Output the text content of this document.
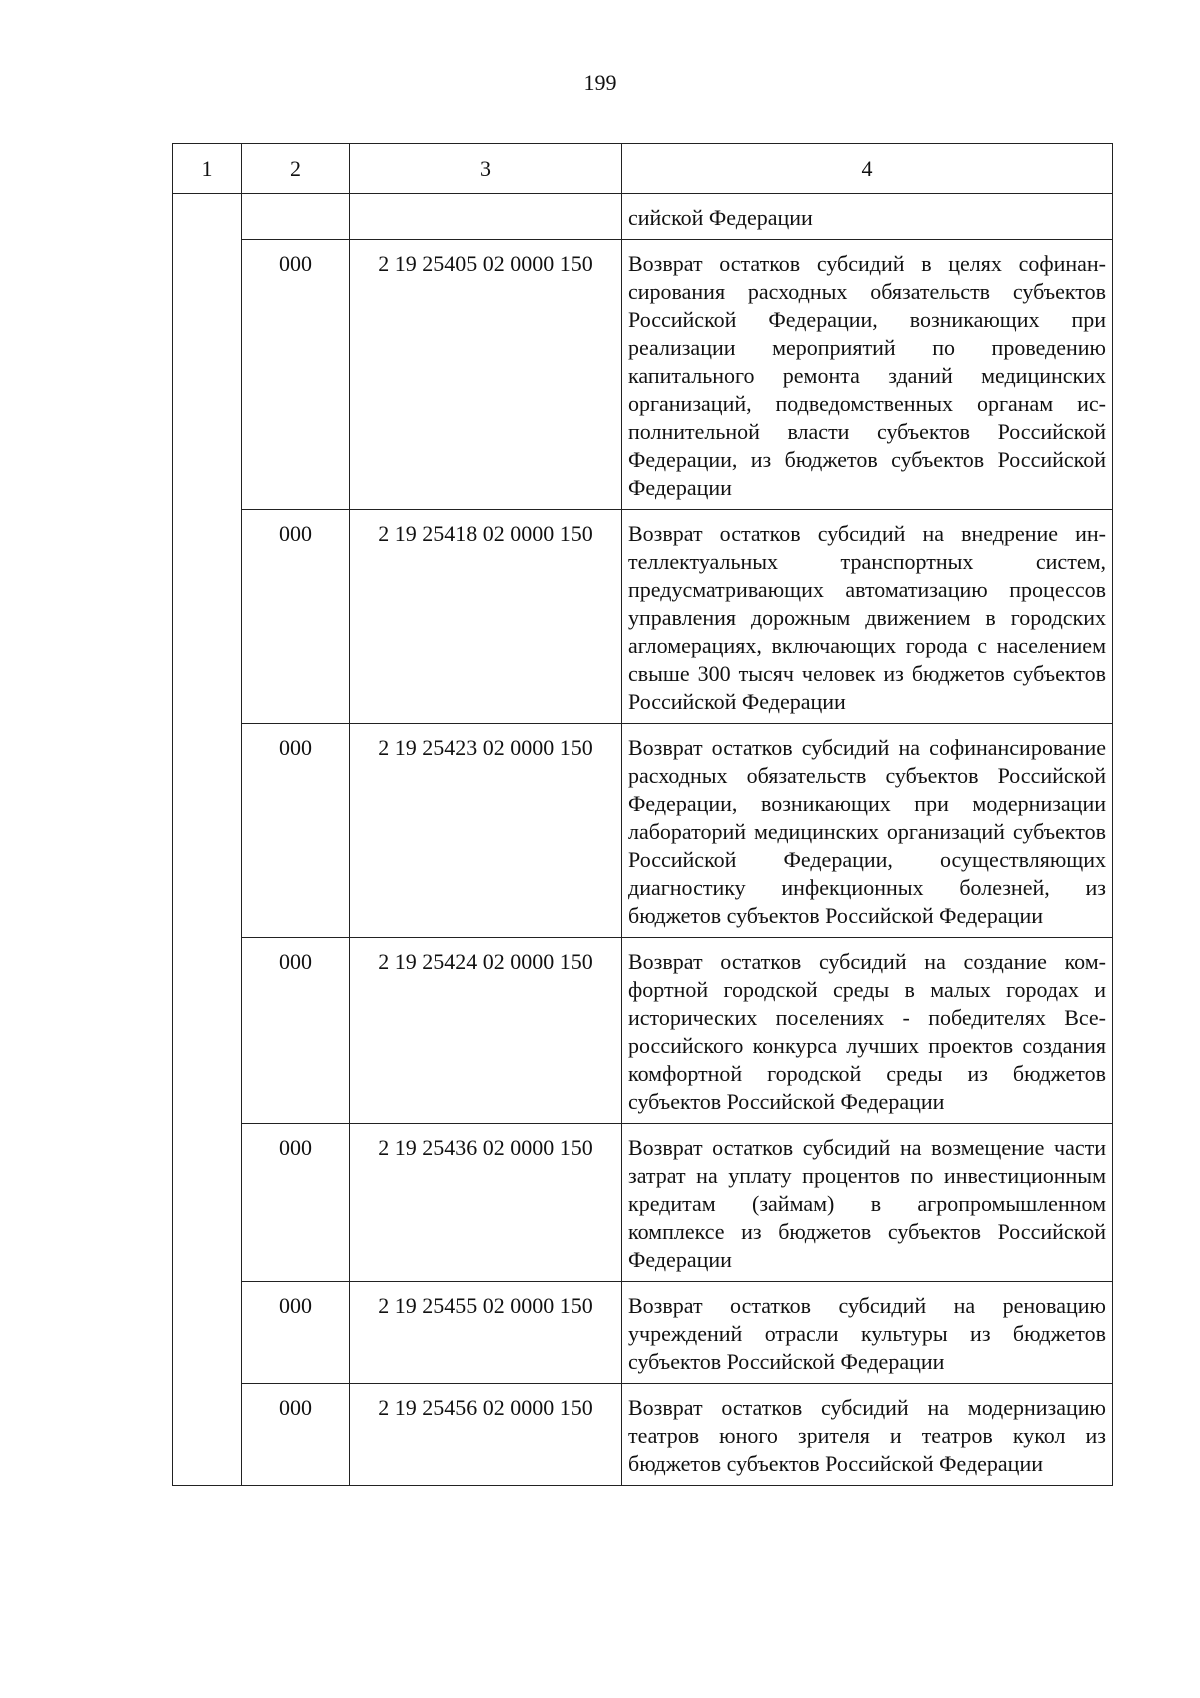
199
1	2	3	4
			сийской Федерации
	000	2 19 25405 02 0000 150	Возврат остатков субсидий в целях софинансирования расходных обязательств субъектов Российской Федерации, возникающих при реализации мероприятий по проведению капитального ремонта зданий медицинских организаций, подведомственных органам исполнительной власти субъектов Российской Федерации, из бюджетов субъектов Российской Федерации
	000	2 19 25418 02 0000 150	Возврат остатков субсидий на внедрение интеллектуальных транспортных систем, предусматривающих автоматизацию процессов управления дорожным движением в городских агломерациях, включающих города с населением свыше 300 тысяч человек из бюджетов субъектов Российской Федерации
	000	2 19 25423 02 0000 150	Возврат остатков субсидий на софинансирование расходных обязательств субъектов Российской Федерации, возникающих при модернизации лабораторий медицинских организаций субъектов Российской Федерации, осуществляющих диагностику инфекционных болезней, из бюджетов субъектов Российской Федерации
	000	2 19 25424 02 0000 150	Возврат остатков субсидий на создание комфортной городской среды в малых городах и исторических поселениях - победителях Всероссийского конкурса лучших проектов создания комфортной городской среды из бюджетов субъектов Российской Федерации
	000	2 19 25436 02 0000 150	Возврат остатков субсидий на возмещение части затрат на уплату процентов по инвестиционным кредитам (займам) в агропромышленном комплексе из бюджетов субъектов Российской Федерации
	000	2 19 25455 02 0000 150	Возврат остатков субсидий на реновацию учреждений отрасли культуры из бюджетов субъектов Российской Федерации
	000	2 19 25456 02 0000 150	Возврат остатков субсидий на модернизацию театров юного зрителя и театров кукол из бюджетов субъектов Российской Федерации
